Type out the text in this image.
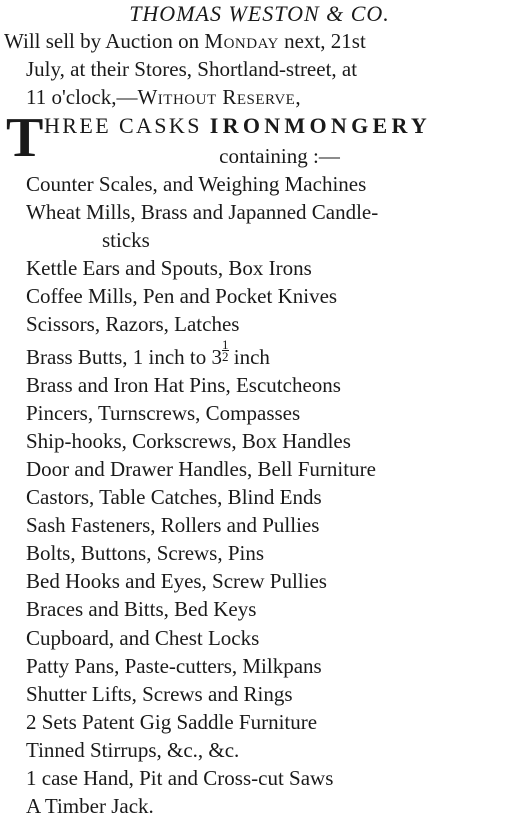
THOMAS WESTON & CO.
Will sell by Auction on Monday next, 21st
July, at their Stores, Shortland-street, at
11 o'clock,—Without Reserve,
T HREE CASKS IRONMONGERY
containing :—
Counter Scales, and Weighing Machines
Wheat Mills, Brass and Japanned Candle-
sticks
Kettle Ears and Spouts, Box Irons
Coffee Mills, Pen and Pocket Knives
Scissors, Razors, Latches
Brass Butts, 1 inch to $3 \frac{1}{2}$ inch
Brass and Iron Hat Pins, Escutcheons
Pincers, Turnscrews, Compasses
Ship-hooks, Corkscrews, Box Handles
Door and Drawer Handles, Bell Furniture
Castors, Table Catches, Blind Ends
Sash Fasteners, Rollers and Pullies
Bolts, Buttons, Screws, Pins
Bed Hooks and Eyes, Screw Pullies
Braces and Bitts, Bed Keys
Cupboard, and Chest Locks
Patty Pans, Paste-cutters, Milkpans
Shutter Lifts, Screws and Rings
2 Sets Patent Gig Saddle Furniture
Tinned Stirrups, &c., &c.
1 case Hand, Pit and Cross-cut Saws
A Timber Jack.
